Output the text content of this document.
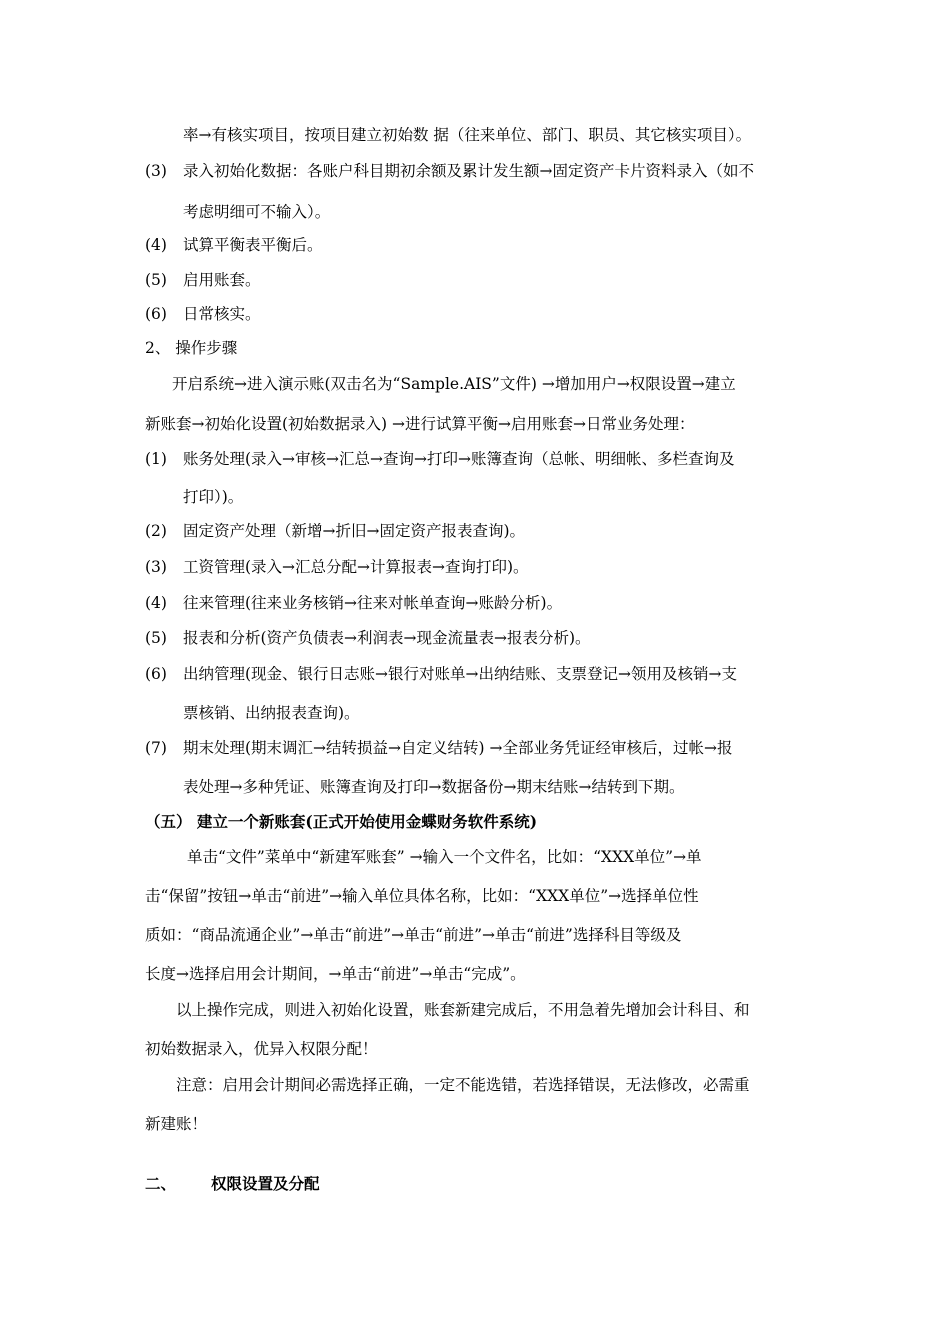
率→有核实项目，按项目建立初始数 据（往来单位、部门、职员、其它核实项目）。
(3) 录入初始化数据：各账户科目期初余额及累计发生额→固定资产卡片资料录入（如不
考虑明细可不输入）。
(4) 试算平衡表平衡后。
(5) 启用账套。
(6) 日常核实。
2、 操作步骤
开启系统→进入演示账(双击名为“Sample.AIS”文件) →增加用户→权限设置→建立
新账套→初始化设置(初始数据录入) →进行试算平衡→启用账套→日常业务处理：
(1) 账务处理(录入→审核→汇总→查询→打印→账簿查询（总帐、明细帐、多栏查询及
打印）)。
(2) 固定资产处理（新增→折旧→固定资产报表查询)。
(3) 工资管理(录入→汇总分配→计算报表→查询打印)。
(4) 往来管理(往来业务核销→往来对帐单查询→账龄分析)。
(5) 报表和分析(资产负债表→利润表→现金流量表→报表分析)。
(6) 出纳管理(现金、银行日志账→银行对账单→出纳结账、支票登记→领用及核销→支
票核销、出纳报表查询)。
(7) 期末处理(期末调汇→结转损益→自定义结转) →全部业务凭证经审核后，过帐→报
表处理→多种凭证、账簿查询及打印→数据备份→期末结账→结转到下期。
（五） 建立一个新账套(正式开始使用金蝶财务软件系统)
单击“文件”菜单中“新建军账套” →输入一个文件名，比如：“XXX单位”→单
击“保留”按钮→单击“前进”→输入单位具体名称，比如：“XXX单位”→选择单位性
质如：“商品流通企业”→单击“前进”→单击“前进”→单击“前进”选择科目等级及
长度→选择启用会计期间，→单击“前进”→单击“完成”。
以上操作完成，则进入初始化设置，账套新建完成后，不用急着先增加会计科目、和
初始数据录入，优异入权限分配！
注意：启用会计期间必需选择正确，一定不能选错，若选择错误，无法修改，必需重
新建账！
二、 权限设置及分配
